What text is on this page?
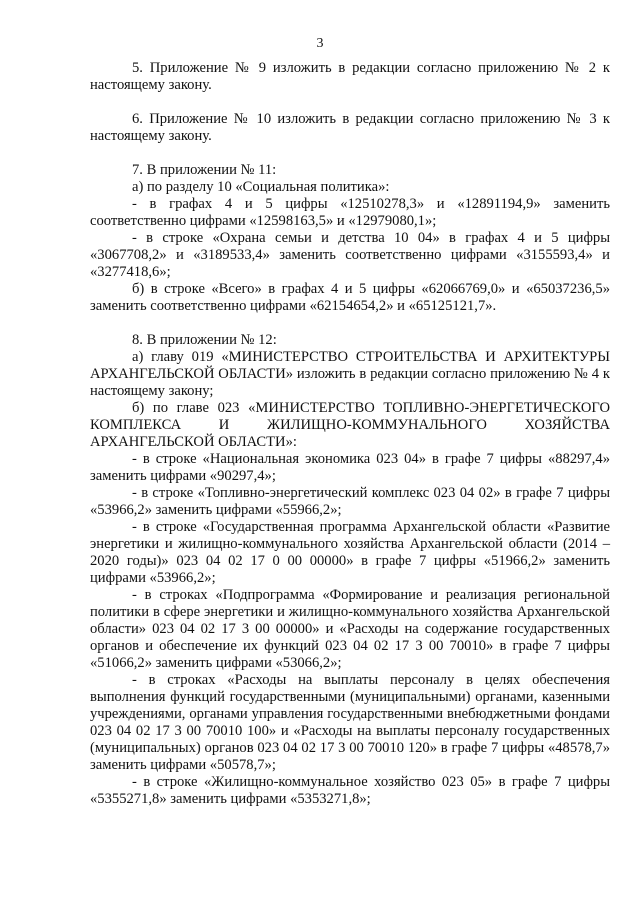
3

5. Приложение № 9 изложить в редакции согласно приложению № 2 к настоящему закону.

6. Приложение № 10 изложить в редакции согласно приложению № 3 к настоящему закону.

7. В приложении № 11:

а) по разделу 10 «Социальная политика»:

- в графах 4 и 5 цифры «12510278,3» и «12891194,9» заменить соответственно цифрами «12598163,5» и «12979080,1»;

- в строке «Охрана семьи и детства 10 04» в графах 4 и 5 цифры «3067708,2» и «3189533,4» заменить соответственно цифрами «3155593,4» и «3277418,6»;

б) в строке «Всего» в графах 4 и 5 цифры «62066769,0» и «65037236,5» заменить соответственно цифрами «62154654,2» и «65125121,7».

8. В приложении № 12:

а) главу 019 «МИНИСТЕРСТВО СТРОИТЕЛЬСТВА И АРХИТЕКТУРЫ АРХАНГЕЛЬСКОЙ ОБЛАСТИ» изложить в редакции согласно приложению № 4 к настоящему закону;

б) по главе 023 «МИНИСТЕРСТВО ТОПЛИВНО-ЭНЕРГЕТИЧЕСКОГО КОМПЛЕКСА И ЖИЛИЩНО-КОММУНАЛЬНОГО ХОЗЯЙСТВА АРХАНГЕЛЬСКОЙ ОБЛАСТИ»:

- в строке «Национальная экономика 023 04» в графе 7 цифры «88297,4» заменить цифрами «90297,4»;

- в строке «Топливно-энергетический комплекс 023 04 02» в графе 7 цифры «53966,2» заменить цифрами «55966,2»;

- в строке «Государственная программа Архангельской области «Развитие энергетики и жилищно-коммунального хозяйства Архангельской области (2014 – 2020 годы)» 023 04 02 17 0 00 00000» в графе 7 цифры «51966,2» заменить цифрами «53966,2»;

- в строках «Подпрограмма «Формирование и реализация региональной политики в сфере энергетики и жилищно-коммунального хозяйства Архангельской области» 023 04 02 17 3 00 00000» и «Расходы на содержание государственных органов и обеспечение их функций 023 04 02 17 3 00 70010» в графе 7 цифры «51066,2» заменить цифрами «53066,2»;

- в строках «Расходы на выплаты персоналу в целях обеспечения выполнения функций государственными (муниципальными) органами, казенными учреждениями, органами управления государственными внебюджетными фондами 023 04 02 17 3 00 70010 100» и «Расходы на выплаты персоналу государственных (муниципальных) органов 023 04 02 17 3 00 70010 120» в графе 7 цифры «48578,7» заменить цифрами «50578,7»;

- в строке «Жилищно-коммунальное хозяйство 023 05» в графе 7 цифры «5355271,8» заменить цифрами «5353271,8»;
